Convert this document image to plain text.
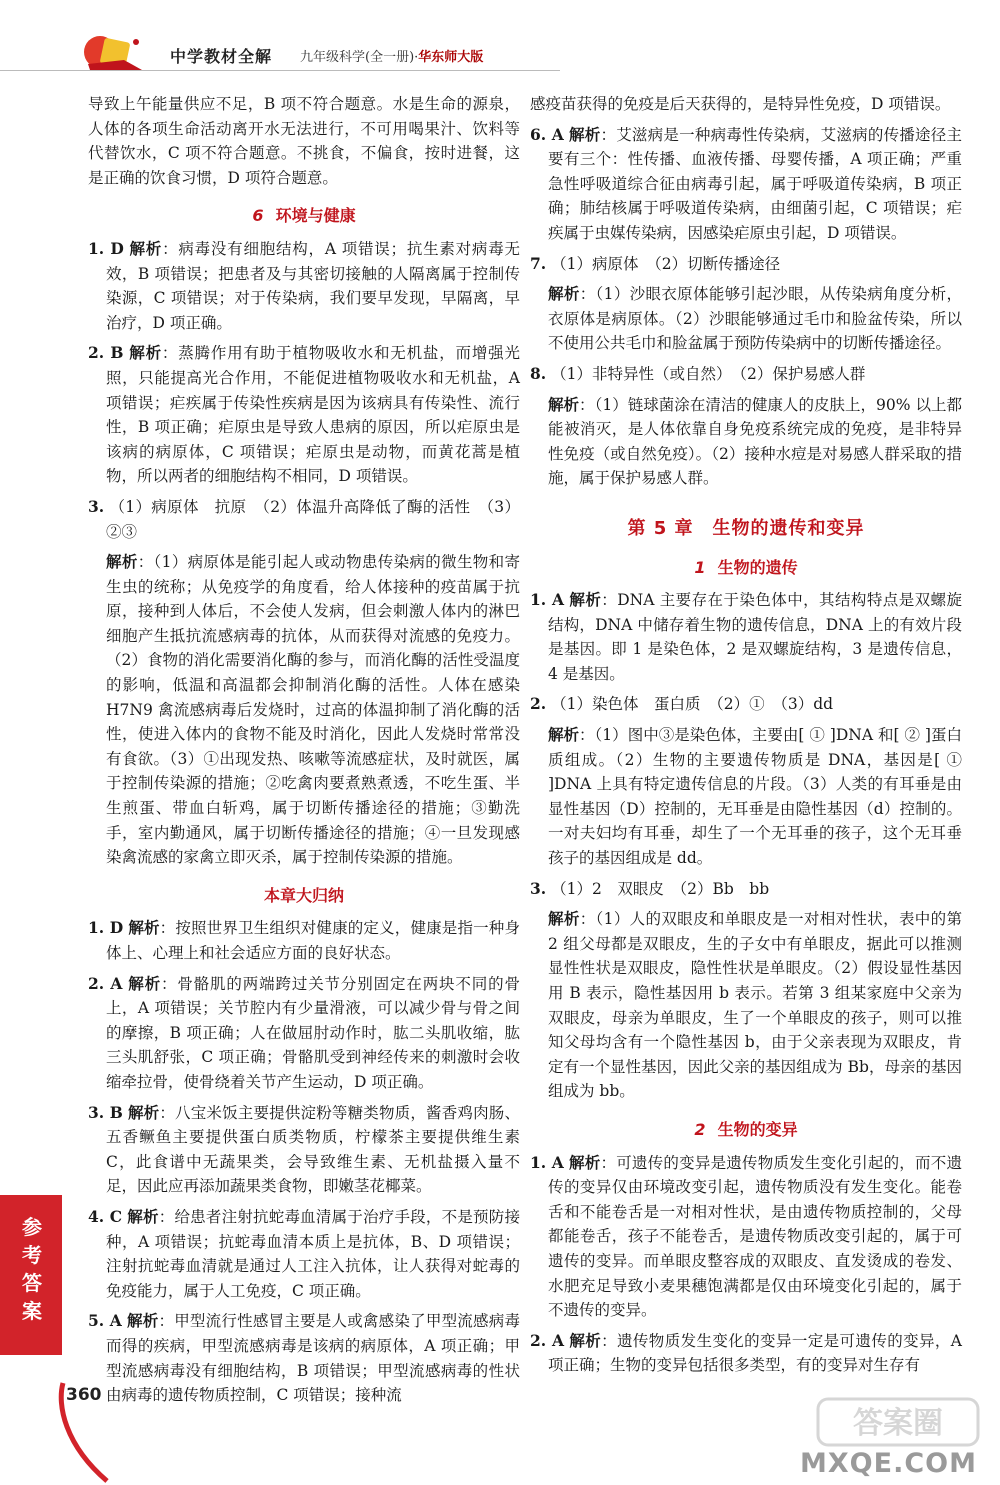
中学教材全解 九年级科学(全一册)·华东师大版

导致上午能量供应不足，B 项不符合题意。水是生命的源泉，人体的各项生命活动离开水无法进行，不可用喝果汁、饮料等代替饮水，C 项不符合题意。不挑食，不偏食，按时进餐，这是正确的饮食习惯，D 项符合题意。

6 环境与健康

1. D 解析：病毒没有细胞结构，A 项错误；抗生素对病毒无效，B 项错误；把患者及与其密切接触的人隔离属于控制传染源，C 项错误；对于传染病，我们要早发现，早隔离，早治疗，D 项正确。

2. B 解析：蒸腾作用有助于植物吸收水和无机盐，而增强光照，只能提高光合作用，不能促进植物吸收水和无机盐，A 项错误；疟疾属于传染性疾病是因为该病具有传染性、流行性，B 项正确；疟原虫是导致人患病的原因，所以疟原虫是该病的病原体，C 项错误；疟原虫是动物，而黄花蒿是植物，所以两者的细胞结构不相同，D 项错误。

3. （1）病原体　抗原　（2）体温升高降低了酶的活性　（3）②③

解析：（1）病原体是能引起人或动物患传染病的微生物和寄生虫的统称；从免疫学的角度看，给人体接种的疫苗属于抗原，接种到人体后，不会使人发病，但会刺激人体内的淋巴细胞产生抵抗流感病毒的抗体，从而获得对流感的免疫力。（2）食物的消化需要消化酶的参与，而消化酶的活性受温度的影响，低温和高温都会抑制消化酶的活性。人体在感染 H7N9 禽流感病毒后发烧时，过高的体温抑制了消化酶的活性，使进入体内的食物不能及时消化，因此人发烧时常常没有食欲。（3）①出现发热、咳嗽等流感症状，及时就医，属于控制传染源的措施；②吃禽肉要煮熟煮透，不吃生蛋、半生煎蛋、带血白斩鸡，属于切断传播途径的措施；③勤洗手，室内勤通风，属于切断传播途径的措施；④一旦发现感染禽流感的家禽立即灭杀，属于控制传染源的措施。

本章大归纳

1. D 解析：按照世界卫生组织对健康的定义，健康是指一种身体上、心理上和社会适应方面的良好状态。

2. A 解析：骨骼肌的两端跨过关节分别固定在两块不同的骨上，A 项错误；关节腔内有少量滑液，可以减少骨与骨之间的摩擦，B 项正确；人在做屈肘动作时，肱二头肌收缩，肱三头肌舒张，C 项正确；骨骼肌受到神经传来的刺激时会收缩牵拉骨，使骨绕着关节产生运动，D 项正确。

3. B 解析：八宝米饭主要提供淀粉等糖类物质，酱香鸡肉肠、五香鳜鱼主要提供蛋白质类物质，柠檬茶主要提供维生素 C，此食谱中无蔬果类，会导致维生素、无机盐摄入量不足，因此应再添加蔬果类食物，即嫩茎花椰菜。

4. C 解析：给患者注射抗蛇毒血清属于治疗手段，不是预防接种，A 项错误；抗蛇毒血清本质上是抗体，B、D 项错误；注射抗蛇毒血清就是通过人工注入抗体，让人获得对蛇毒的免疫能力，属于人工免疫，C 项正确。

5. A 解析：甲型流行性感冒主要是人或禽感染了甲型流感病毒而得的疾病，甲型流感病毒是该病的病原体，A 项正确；甲型流感病毒没有细胞结构，B 项错误；甲型流感病毒的性状由病毒的遗传物质控制，C 项错误；接种流

感疫苗获得的免疫是后天获得的，是特异性免疫，D 项错误。

6. A 解析：艾滋病是一种病毒性传染病，艾滋病的传播途径主要有三个：性传播、血液传播、母婴传播，A 项正确；严重急性呼吸道综合征由病毒引起，属于呼吸道传染病，B 项正确；肺结核属于呼吸道传染病，由细菌引起，C 项错误；疟疾属于虫媒传染病，因感染疟原虫引起，D 项错误。

7. （1）病原体　（2）切断传播途径

解析：（1）沙眼衣原体能够引起沙眼，从传染病角度分析，衣原体是病原体。（2）沙眼能够通过毛巾和脸盆传染，所以不使用公共毛巾和脸盆属于预防传染病中的切断传播途径。

8. （1）非特异性（或自然）　（2）保护易感人群

解析：（1）链球菌涂在清洁的健康人的皮肤上，90% 以上都能被消灭，是人体依靠自身免疫系统完成的免疫，是非特异性免疫（或自然免疫）。（2）接种水痘是对易感人群采取的措施，属于保护易感人群。

第 5 章　生物的遗传和变异
1 生物的遗传

1. A 解析：DNA 主要存在于染色体中，其结构特点是双螺旋结构，DNA 中储存着生物的遗传信息，DNA 上的有效片段是基因。即 1 是染色体，2 是双螺旋结构，3 是遗传信息，4 是基因。

2. （1）染色体　蛋白质　（2）①　（3）dd

解析：（1）图中③是染色体，主要由[ ① ]DNA 和[ ② ]蛋白质组成。（2）生物的主要遗传物质是 DNA，基因是[ ① ]DNA 上具有特定遗传信息的片段。（3）人类的有耳垂是由显性基因（D）控制的，无耳垂是由隐性基因（d）控制的。一对夫妇均有耳垂，却生了一个无耳垂的孩子，这个无耳垂孩子的基因组成是 dd。

3. （1）2　双眼皮　（2）Bb　bb

解析：（1）人的双眼皮和单眼皮是一对相对性状，表中的第 2 组父母都是双眼皮，生的子女中有单眼皮，据此可以推测显性性状是双眼皮，隐性性状是单眼皮。（2）假设显性基因用 B 表示，隐性基因用 b 表示。若第 3 组某家庭中父亲为双眼皮，母亲为单眼皮，生了一个单眼皮的孩子，则可以推知父母均含有一个隐性基因 b，由于父亲表现为双眼皮，肯定有一个显性基因，因此父亲的基因组成为 Bb，母亲的基因组成为 bb。

2 生物的变异

1. A 解析：可遗传的变异是遗传物质发生变化引起的，而不遗传的变异仅由环境改变引起，遗传物质没有发生变化。能卷舌和不能卷舌是一对相对性状，是由遗传物质控制的，父母都能卷舌，孩子不能卷舌，是遗传物质改变引起的，属于可遗传的变异。而单眼皮整容成的双眼皮、直发烫成的卷发、水肥充足导致小麦果穗饱满都是仅由环境变化引起的，属于不遗传的变异。

2. A 解析：遗传物质发生变化的变异一定是可遗传的变异，A 项正确；生物的变异包括很多类型，有的变异对生存有

参考答案
360
答案圈
MXQE.COM
